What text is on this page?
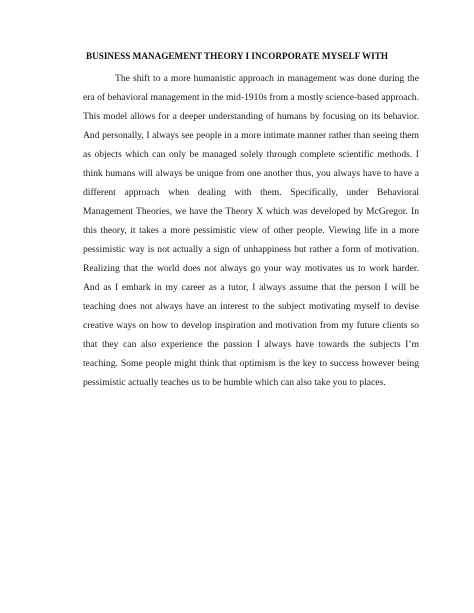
BUSINESS MANAGEMENT THEORY I INCORPORATE MYSELF WITH

The shift to a more humanistic approach in management was done during the era of behavioral management in the mid-1910s from a mostly science-based approach. This model allows for a deeper understanding of humans by focusing on its behavior. And personally, I always see people in a more intimate manner rather than seeing them as objects which can only be managed solely through complete scientific methods. I think humans will always be unique from one another thus, you always have to have a different approach when dealing with them. Specifically, under Behavioral Management Theories, we have the Theory X which was developed by McGregor. In this theory, it takes a more pessimistic view of other people. Viewing life in a more pessimistic way is not actually a sign of unhappiness but rather a form of motivation. Realizing that the world does not always go your way motivates us to work harder. And as I embark in my career as a tutor, I always assume that the person I will be teaching does not always have an interest to the subject motivating myself to devise creative ways on how to develop inspiration and motivation from my future clients so that they can also experience the passion I always have towards the subjects I’m teaching. Some people might think that optimism is the key to success however being pessimistic actually teaches us to be humble which can also take you to places.
